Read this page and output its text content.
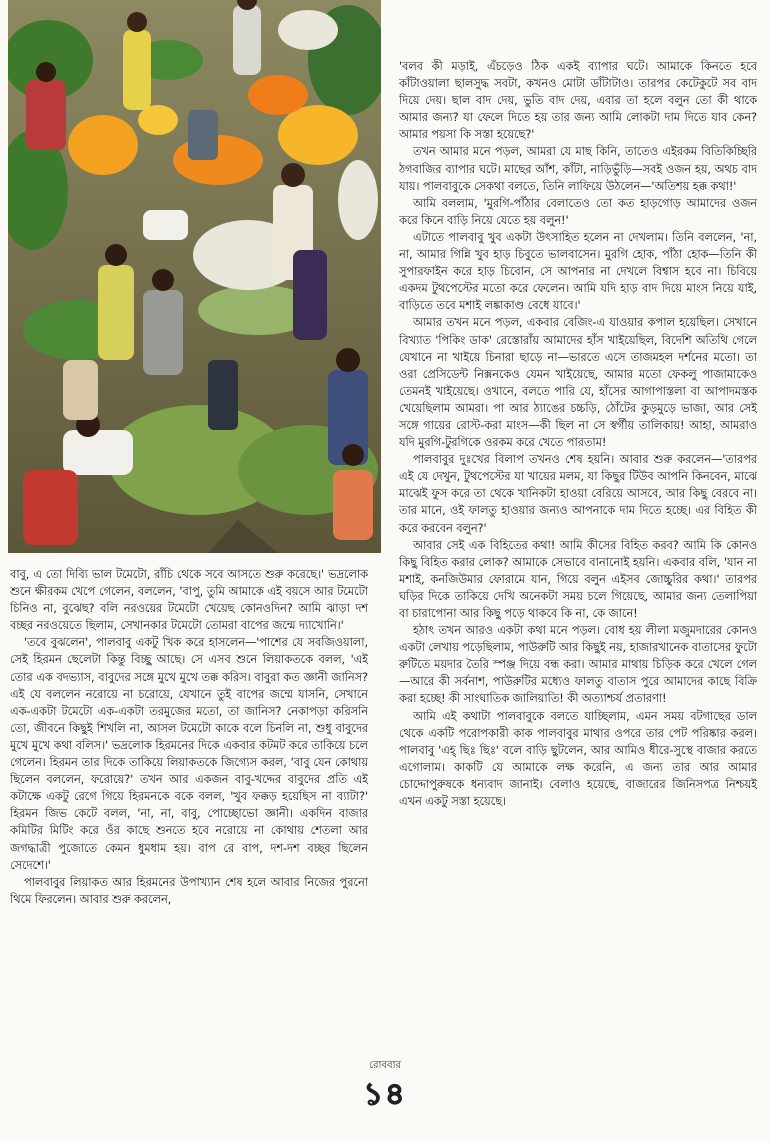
বাবু, এ তো দিব্যি ভাল টমেটো, রাঁচি থেকে সবে আসতে শুরু করেছে।' ভদ্রলোক শুনে ক্ষীরকম খেপে গেলেন, বললেন, 'বাপু, তুমি আমাকে এই বয়সে আর টমেটো চিনিও না, বুঝেছ? বলি নরওয়ের টমেটো খেয়েছ কোনওদিন? আমি ঝাড়া দশ বচ্ছর নরওয়েতে ছিলাম, সেখানকার টমেটো তোমরা বাপের জন্মে দ্যাখোনি।'

'তবে বুঝলেন', পালবাবু একটু খিক করে হাসলেন—'পাশের যে সবজিওয়ালা, সেই হিরমন ছেলেটা কিন্তু বিচ্ছু আছে। সে এসব শুনে লিয়াকতকে বলল, 'এই তোর এক বদভ্যাস, বাবুদের সঙ্গে মুখে মুখে তক্ক করিস। বাবুরা কত জ্ঞানী জানিস? এই যে বললেন নরোয়ে না চরোয়ে, যেখানে তুই বাপের জম্মে যাসনি, সেখানে এক-একটা টমেটো এক-একটা তরমুজের মতো, তা জানিস? নেকাপড়া করিসনি তো, জীবনে কিছুই শিখলি না, আসল টমেটো কাকে বলে চিনলি না, শুধু বাবুদের মুখে মুখে কথা বলিস।' ভদ্রলোক হিরমনের দিকে একবার কটমট করে তাকিয়ে চলে গেলেন। হিরমন তার দিকে তাকিয়ে লিয়াকতকে জিগ্যেস করল, 'বাবু যেন কোথায় ছিলেন বললেন, ফরোয়ে?' তখন আর একজন বাবু-খদ্দের বাবুদের প্রতি এই কটাক্ষে একটু রেগে গিয়ে হিরমনকে বকে বলল, 'খুব ফক্কড় হয়েছিস না ব্যাটা?' হিরমন জিভ কেটে বলল, 'না, না, বাবু, পোচ্ছোভো জ্ঞানী। একদিন বাজার কমিটির মিটিং করে ওঁর কাছে শুনতে হবে নরোয়ে না কোথায় শেতলা আর জগদ্ধাত্রী পুজোতে কেমন ধুমধাম হয়। বাপ রে বাপ, দশ-দশ বচ্ছর ছিলেন সেদেশে।'

পালবাবুর লিয়াকত আর হিরমনের উপাখ্যান শেষ হলে আবার নিজের পুরনো থিমে ফিরলেন। আবার শুরু করলেন,

'বলব কী মড়াই, এঁচড়েও ঠিক একই ব্যাপার ঘটে। আমাকে কিনতে হবে কাঁটাওয়ালা ছালসুদ্ধ সবটা, কখনও মোটা ডাঁটাটাও। তারপর কেটেকুটে সব বাদ দিয়ে দেয়। ছাল বাদ দেয়, ভুতি বাদ দেয়, এবার তা হলে বলুন তো কী থাকে আমার জন্য? যা ফেলে দিতে হয় তার জন্য আমি লোকটা দাম দিতে যাব কেন? আমার পয়সা কি সস্তা হয়েছে?'

তখন আমার মনে পড়ল, আমরা যে মাছ কিনি, তাতেও এইরকম বিতিকিচ্ছিরি ঠগবাজির ব্যাপার ঘটে। মাছের আঁশ, কাঁটা, নাড়িভুঁড়ি—সবই ওজন হয়, অথচ বাদ যায়। পালবাবুকে সেকথা বলতে, তিনি লাফিয়ে উঠলেন—'অতিশয় হক্ক কথা!'

আমি বললাম, 'মুরগি-পাঁঠার বেলাতেও তো কত হাড়গোড় আমাদের ওজন করে কিনে বাড়ি নিয়ে যেতে হয় বলুন!'

এটাতে পালবাবু খুব একটা উৎসাহিত হলেন না দেখলাম। তিনি বললেন, 'না, না, আমার গিন্নি খুব হাড় চিবুতে ভালবাসেন। মুরগি হোক, পাঁঠা হোক—তিনি কী সুপারফাইন করে হাড় চিবোন, সে আপনার না দেখলে বিশ্বাস হবে না। চিবিয়ে একদম টুথপেস্টের মতো করে ফেলেন। আমি যদি হাড় বাদ দিয়ে মাংস নিয়ে যাই, বাড়িতে তবে মশাই লঙ্কাকাণ্ড বেধে যাবে।'

আমার তখন মনে পড়ল, একবার বেজিং-এ যাওয়ার কপাল হয়েছিল। সেখানে বিখ্যাত 'পিকিং ডাক' রেস্তোরাঁয় আমাদের হাঁস খাইয়েছিল, বিদেশি অতিথি গেলে যেখানে না খাইয়ে চিনারা ছাড়ে না—ভারতে এসে তাজমহল দর্শনের মতো। তা ওরা প্রেসিডেন্ট নিক্সনকেও যেমন খাইয়েছে, আমার মতো ফেকলু পাজামাকেও তেমনই খাইয়েছে। ওখানে, বলতে পারি যে, হাঁসের আগাপাস্তলা বা আপাদমস্তক খেয়েছিলাম আমরা। পা আর ঠ্যাঙের চচ্চড়ি, ঠোঁটের কুড়মুড়ে ভাজা, আর সেই সঙ্গে গায়ের রোস্ট-করা মাংস—কী ছিল না সে স্বর্গীয় তালিকায়! আহা, আমরাও যদি মুরগি-টুরগিকে ওরকম করে খেতে পারতাম!

পালবাবুর দুঃখের বিলাপ তখনও শেষ হয়নি। আবার শুরু করলেন—'তারপর এই যে দেখুন, টুথপেস্টের যা খায়ের মলম, যা কিছুর টিউব আপনি কিনবেন, মাঝে মাঝেই ফুস করে তা থেকে খানিকটা হাওয়া বেরিয়ে আসবে, আর কিছু বেরবে না। তার মানে, ওই ফালতু হাওয়ার জন্যও আপনাকে দাম দিতে হচ্ছে। এর বিহিত কী করে করবেন বলুন?'

আবার সেই এক বিহিতের কথা! আমি কীসের বিহিত করব? আমি কি কোনও কিছু বিহিত করার লোক? আমাকে সেভাবে বানানোই হয়নি। একবার বলি, 'যান না মশাই, কনজিউমার ফোরামে যান, গিয়ে বলুন এইসব জোচ্চুরির কথা।' তারপর ঘড়ির দিকে তাকিয়ে দেখি অনেকটা সময় চলে গিয়েছে, আমার জন্য তেলাপিয়া বা চারাপোনা আর কিছু পড়ে থাকবে কি না, কে জানে!

হঠাৎ তখন আরও একটা কথা মনে পড়ল। বোধ হয় লীলা মজুমদারের কোনও একটা লেখায় পড়েছিলাম, পাউরুটি আর কিছুই নয়, হাজারখানেক বাতাসের ফুটো রুটিতে ময়দার তৈরি স্পঞ্জ দিয়ে বন্ধ করা। আমার মাথায় চিড়িক করে খেলে গেল—আরে কী সর্বনাশ, পাউরুটির মধ্যেও ফালতু বাতাস পুরে আমাদের কাছে বিক্রি করা হচ্ছে! কী সাংঘাতিক জালিয়াতি! কী অত্যাশ্চর্য প্রতারণা!

আমি এই কথাটা পালবাবুকে বলতে যাচ্ছিলাম, এমন সময় বটগাছের ডাল থেকে একটি পরোপকারী কাক পালবাবুর মাথার ওপরে তার পেট পরিষ্কার করল। পালবাবু 'এহ্‌ ছিঃ ছিঃ' বলে বাড়ি ছুটলেন, আর আমিও ধীরে-সুস্থে বাজার করতে এগোলাম। কাকটি যে আমাকে লক্ষ করেনি, এ জন্য তার আর আমার চোদ্দোপুরুষকে ধন্যবাদ জানাই। বেলাও হয়েছে, বাজারের জিনিসপত্র নিশ্চয়ই এখন একটু সস্তা হয়েছে।

রোববার
১৪
